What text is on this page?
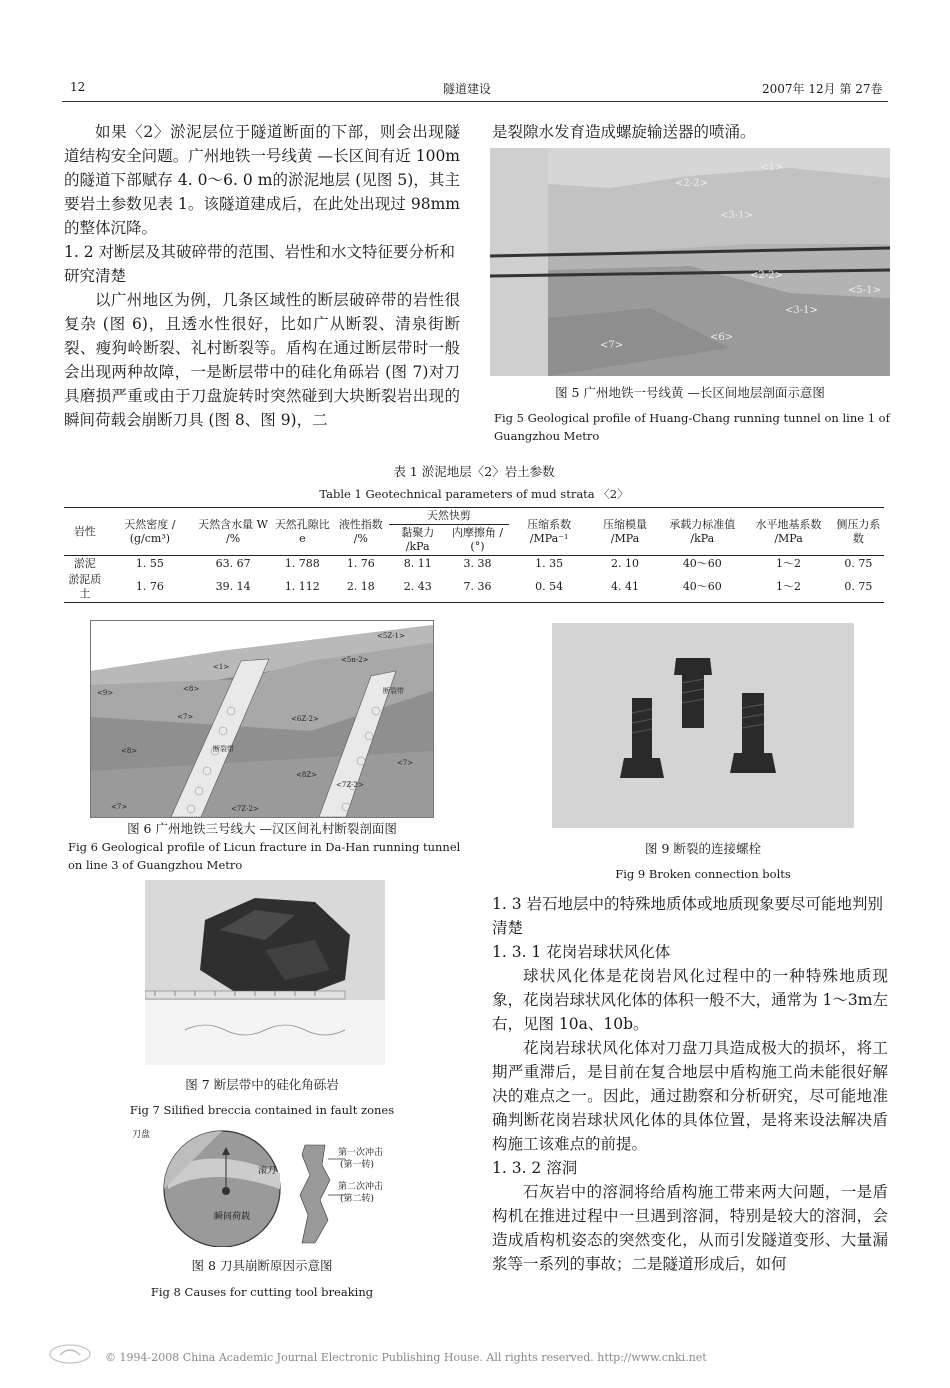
12	隧道建设	2007年 12月 第 27卷

如果〈2〉淤泥层位于隧道断面的下部，则会出现隧道结构安全问题。广州地铁一号线黄 —长区间有近 100m的隧道下部赋存 4. 0～6. 0 m的淤泥地层 (见图 5)，其主要岩土参数见表 1。该隧道建成后，在此处出现过 98mm的整体沉降。

1. 2 对断层及其破碎带的范围、岩性和水文特征要分析和研究清楚

以广州地区为例，几条区域性的断层破碎带的岩性很复杂 (图 6)，且透水性很好，比如广从断裂、清泉街断裂、瘦狗岭断裂、礼村断裂等。盾构在通过断层带时一般会出现两种故障，一是断层带中的硅化角砾岩 (图 7)对刀具磨损严重或由于刀盘旋转时突然碰到大块断裂岩出现的瞬间荷载会崩断刀具 (图 8、图 9)，二

是裂隙水发育造成螺旋输送器的喷涌。

<1>
<2-2>
<3-1>
<2-2>
<3-1>
<5-1>
<6>
<7>
图 5 广州地铁一号线黄 —长区间地层剖面示意图
Fig 5 Geological profile of Huang-Chang running tunnel on line 1 of Guangzhou Metro
表 1 淤泥地层〈2〉岩土参数
Table 1 Geotechnical parameters of mud strata 〈2〉
岩性	天然密度 / (g/cm³)	天然含水量 W /%	天然孔隙比 e	液性指数 /%	天然快剪		压缩系数 /MPa⁻¹	压缩模量 /MPa	承载力标准值 /kPa	水平地基系数 /MPa	侧压力系数
					黏聚力 /kPa	内摩擦角 / (°)					
淤泥	1. 55	63. 67	1. 788	1. 76	8. 11	3. 38	1. 35	2. 10	40～60	1～2	0. 75
淤泥质土	1. 76	39. 14	1. 112	2. 18	2. 43	7. 36	0. 54	4. 41	40～60	1～2	0. 75
<1>
<5Z-1>
<5n-2>
<8>
<9>
<7>	<6Z-2>
<8>
<7>
<8Z>
<7Z-2>
<7Z-2>
<7>
断裂带
断裂带
图 6 广州地铁三号线大 —汉区间礼村断裂剖面图
Fig 6 Geological profile of Licun fracture in Da-Han running tunnel on line 3 of Guangzhou Metro
图 9 断裂的连接螺栓
Fig 9 Broken connection bolts

1. 3 岩石地层中的特殊地质体或地质现象要尽可能地判别清楚

1. 3. 1 花岗岩球状风化体

球状风化体是花岗岩风化过程中的一种特殊地质现象，花岗岩球状风化体的体积一般不大，通常为 1～3m左右，见图 10a、10b。

花岗岩球状风化体对刀盘刀具造成极大的损坏，将工期严重滞后，是目前在复合地层中盾构施工尚未能很好解决的难点之一。因此，通过勘察和分析研究，尽可能地准确判断花岗岩球状风化体的具体位置，是将来设法解决盾构施工该难点的前提。

1. 3. 2 溶洞

石灰岩中的溶洞将给盾构施工带来两大问题，一是盾构机在推进过程中一旦遇到溶洞，特别是较大的溶洞，会造成盾构机姿态的突然变化，从而引发隧道变形、大量漏浆等一系列的事故；二是隧道形成后，如何

图 7 断层带中的硅化角砾岩
Fig 7 Silified breccia contained in fault zones
刀盘
滚刀
瞬间荷载
第一次冲击
(第一转)
第二次冲击
(第二转)
图 8 刀具崩断原因示意图
Fig 8 Causes for cutting tool breaking
© 1994-2008 China Academic Journal Electronic Publishing House. All rights reserved. http://www.cnki.net
